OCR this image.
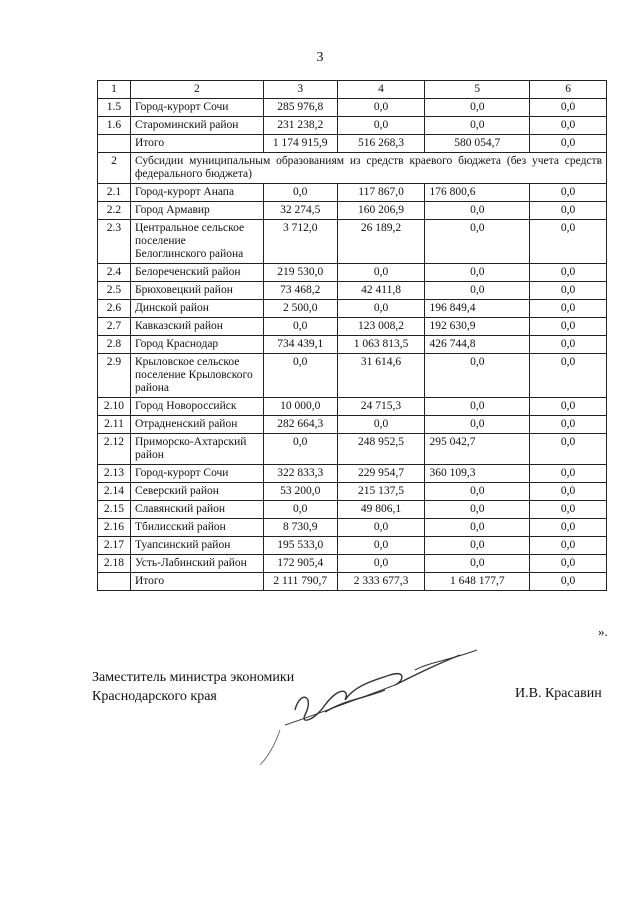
3
1	2	3	4	5	6
1.5	Город-курорт Сочи	285 976,8	0,0	0,0	0,0
1.6	Староминский район	231 238,2	0,0	0,0	0,0
	Итого	1 174 915,9	516 268,3	580 054,7	0,0
2	Субсидии муниципальным образованиям из средств краевого бюджета (без учета средств федерального бюджета)				
2.1	Город-курорт Анапа	0,0	117 867,0	176 800,6	0,0
2.2	Город Армавир	32 274,5	160 206,9	0,0	0,0
2.3	Центральное сельское поселение Белоглинского района	3 712,0	26 189,2	0,0	0,0
2.4	Белореченский район	219 530,0	0,0	0,0	0,0
2.5	Брюховецкий район	73 468,2	42 411,8	0,0	0,0
2.6	Динской район	2 500,0	0,0	196 849,4	0,0
2.7	Кавказский район	0,0	123 008,2	192 630,9	0,0
2.8	Город Краснодар	734 439,1	1 063 813,5	426 744,8	0,0
2.9	Крыловское сельское поселение Крыловского района	0,0	31 614,6	0,0	0,0
2.10	Город Новороссийск	10 000,0	24 715,3	0,0	0,0
2.11	Отрадненский район	282 664,3	0,0	0,0	0,0
2.12	Приморско-Ахтарский район	0,0	248 952,5	295 042,7	0,0
2.13	Город-курорт Сочи	322 833,3	229 954,7	360 109,3	0,0
2.14	Северский район	53 200,0	215 137,5	0,0	0,0
2.15	Славянский район	0,0	49 806,1	0,0	0,0
2.16	Тбилисский район	8 730,9	0,0	0,0	0,0
2.17	Туапсинский район	195 533,0	0,0	0,0	0,0
2.18	Усть-Лабинский район	172 905,4	0,0	0,0	0,0
	Итого	2 111 790,7	2 333 677,3	1 648 177,7	0,0
».
Заместитель министра экономики
Краснодарского края	И.В. Красавин
